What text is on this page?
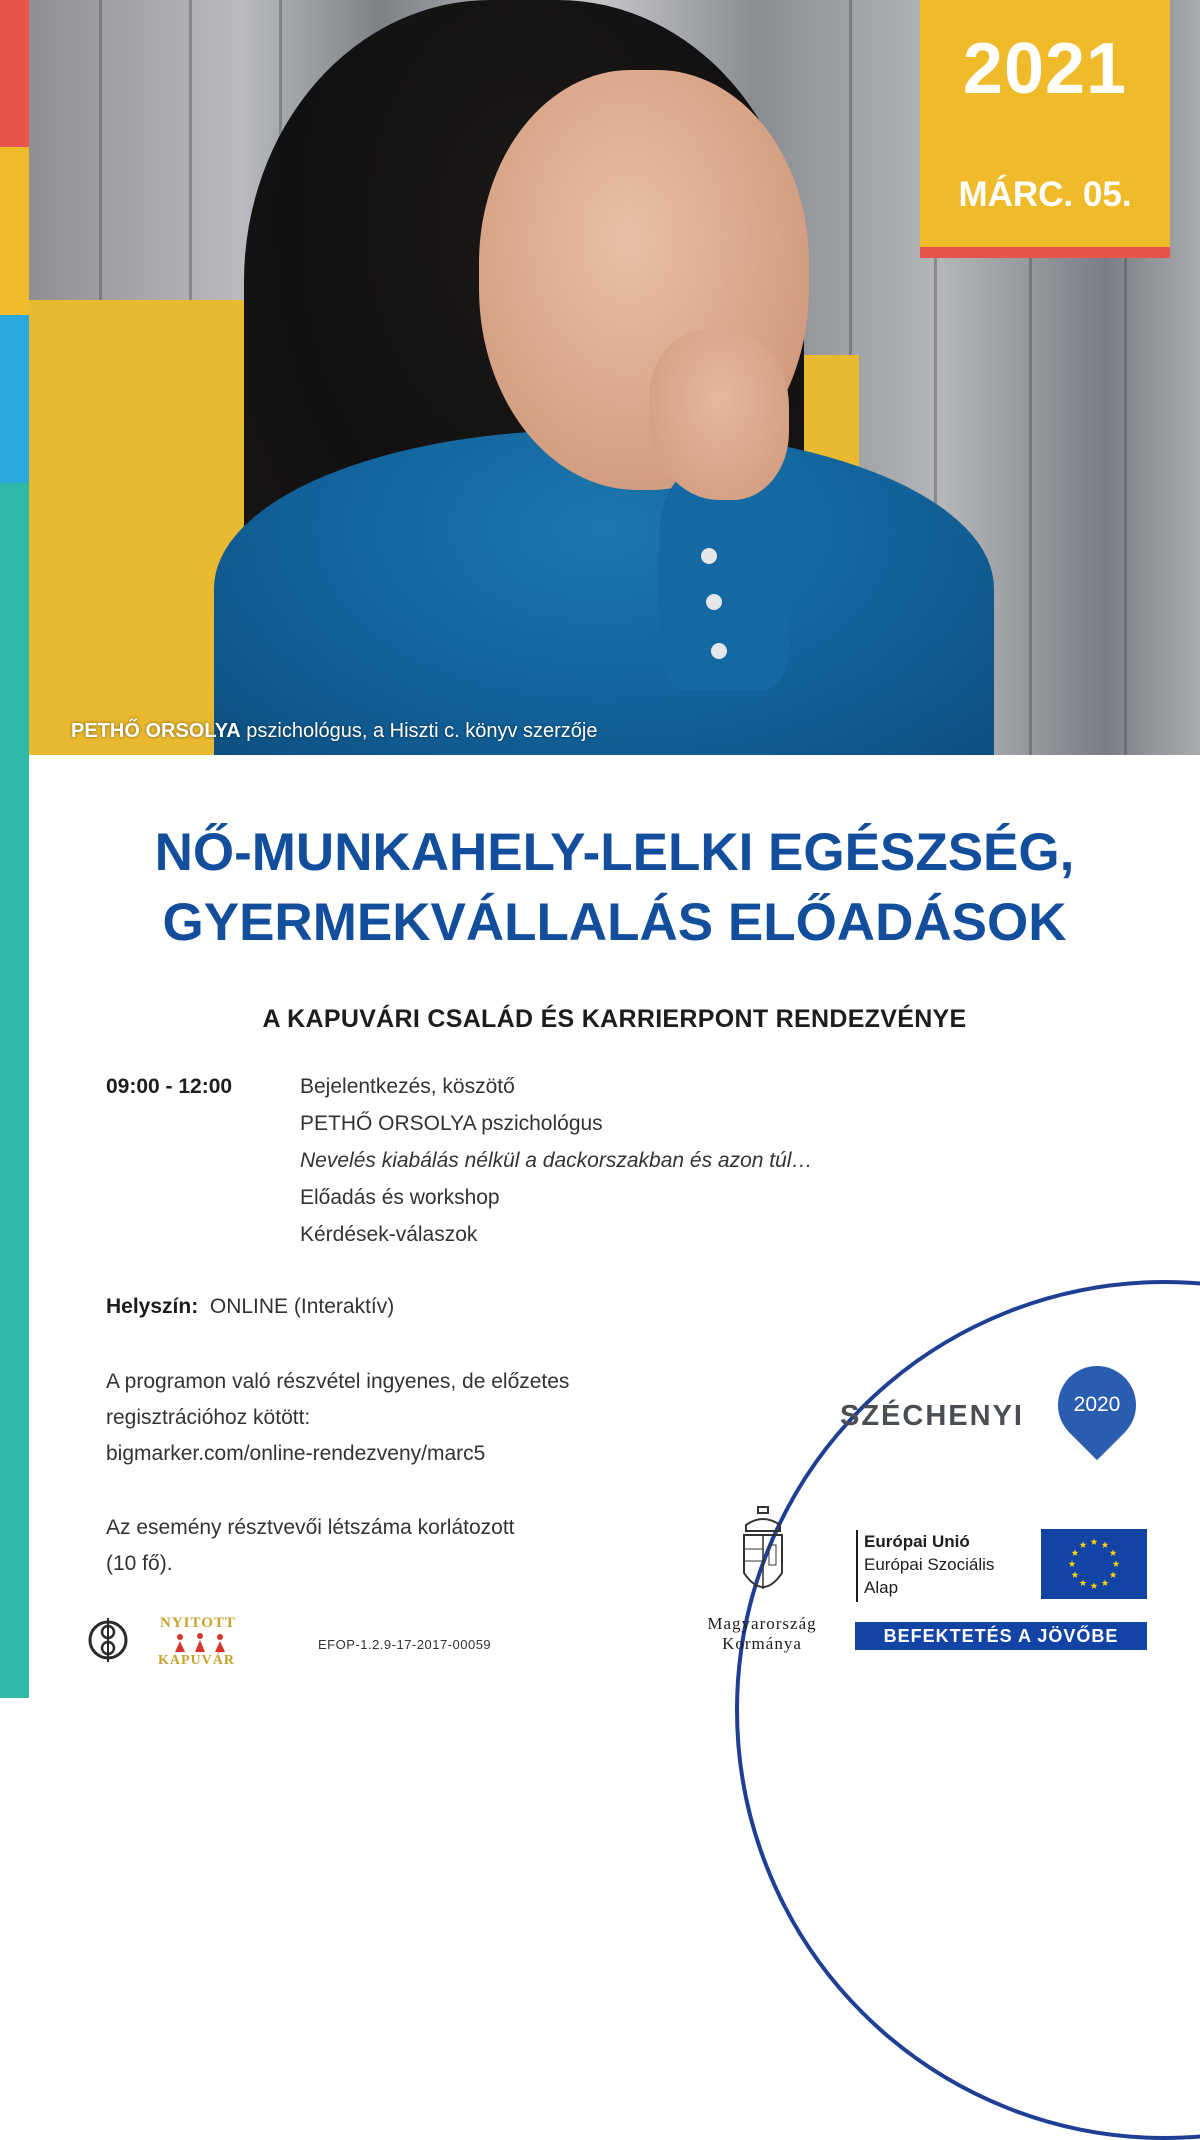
PETHŐ ORSOLYA pszichológus, a Hiszti c. könyv szerzője
2021
MÁRC. 05.
NŐ-MUNKAHELY-LELKI EGÉSZSÉG,
GYERMEKVÁLLALÁS ELŐADÁSOK
A KAPUVÁRI CSALÁD ÉS KARRIERPONT RENDEZVÉNYE
09:00 - 12:00	Bejelentkezés, köszötő
PETHŐ ORSOLYA pszichológus
Nevelés kiabálás nélkül a dackorszakban és azon túl…
Előadás és workshop
Kérdések-válaszok
Helyszín: ONLINE (Interaktív)
A programon való részvétel ingyenes, de előzetes
regisztrációhoz kötött:
bigmarker.com/online-rendezveny/marc5
Az esemény résztvevői létszáma korlátozott
(10 fő).
SZÉCHENYI	2020
Magyarország
Kormánya
Európai Unió
Európai Szociális
Alap
BEFEKTETÉS A JÖVŐBE
NYITOTT
KAPUVÁR
EFOP-1.2.9-17-2017-00059
